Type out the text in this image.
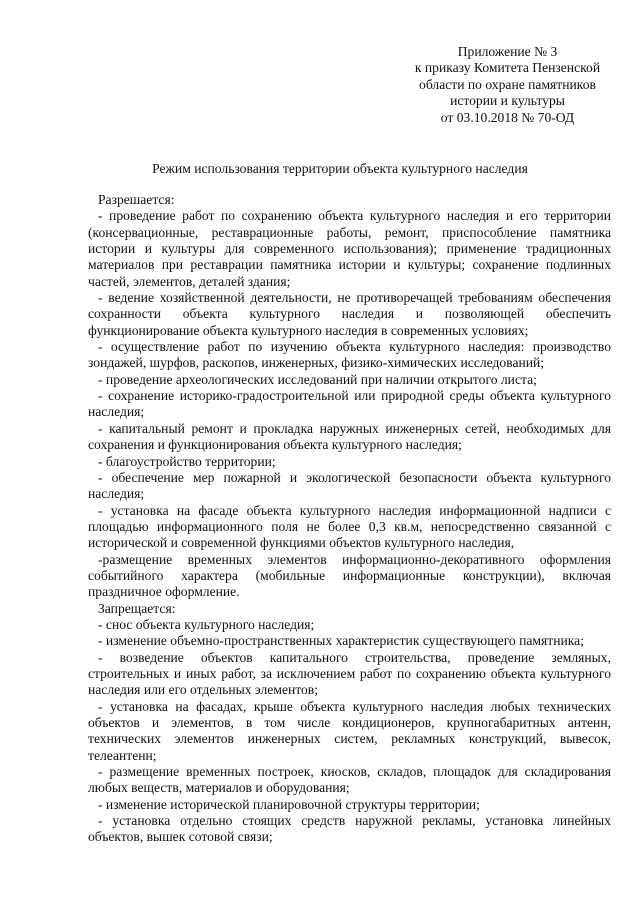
Приложение № 3
к приказу Комитета Пензенской
области по охране памятников
истории и культуры
от 03.10.2018 № 70-ОД
Режим использования территории объекта культурного наследия
Разрешается:

- проведение работ по сохранению объекта культурного наследия и его территории (консервационные, реставрационные работы, ремонт, приспособление памятника истории и культуры для современного использования); применение традиционных материалов при реставрации памятника истории и культуры; сохранение подлинных частей, элементов, деталей здания;

- ведение хозяйственной деятельности, не противоречащей требованиям обеспечения сохранности объекта культурного наследия и позволяющей обеспечить функционирование объекта культурного наследия в современных условиях;

- осуществление работ по изучению объекта культурного наследия: производство зондажей, шурфов, раскопов, инженерных, физико-химических исследований;

- проведение археологических исследований при наличии открытого листа;

- сохранение историко-градостроительной или природной среды объекта культурного наследия;

- капитальный ремонт и прокладка наружных инженерных сетей, необходимых для сохранения и функционирования объекта культурного наследия;

- благоустройство территории;

- обеспечение мер пожарной и экологической безопасности объекта культурного наследия;

- установка на фасаде объекта культурного наследия информационной надписи с площадью информационного поля не более 0,3 кв.м, непосредственно связанной с исторической и современной функциями объектов культурного наследия,

-размещение временных элементов информационно-декоративного оформления событийного характера (мобильные информационные конструкции), включая праздничное оформление.

Запрещается:

- снос объекта культурного наследия;

- изменение объемно-пространственных характеристик существующего памятника;

- возведение объектов капитального строительства, проведение земляных, строительных и иных работ, за исключением работ по сохранению объекта культурного наследия или его отдельных элементов;

- установка на фасадах, крыше объекта культурного наследия любых технических объектов и элементов, в том числе кондиционеров, крупногабаритных антенн, технических элементов инженерных систем, рекламных конструкций, вывесок, телеантенн;

- размещение временных построек, киосков, складов, площадок для складирования любых веществ, материалов и оборудования;

- изменение исторической планировочной структуры территории;

- установка отдельно стоящих средств наружной рекламы, установка линейных объектов, вышек сотовой связи;
